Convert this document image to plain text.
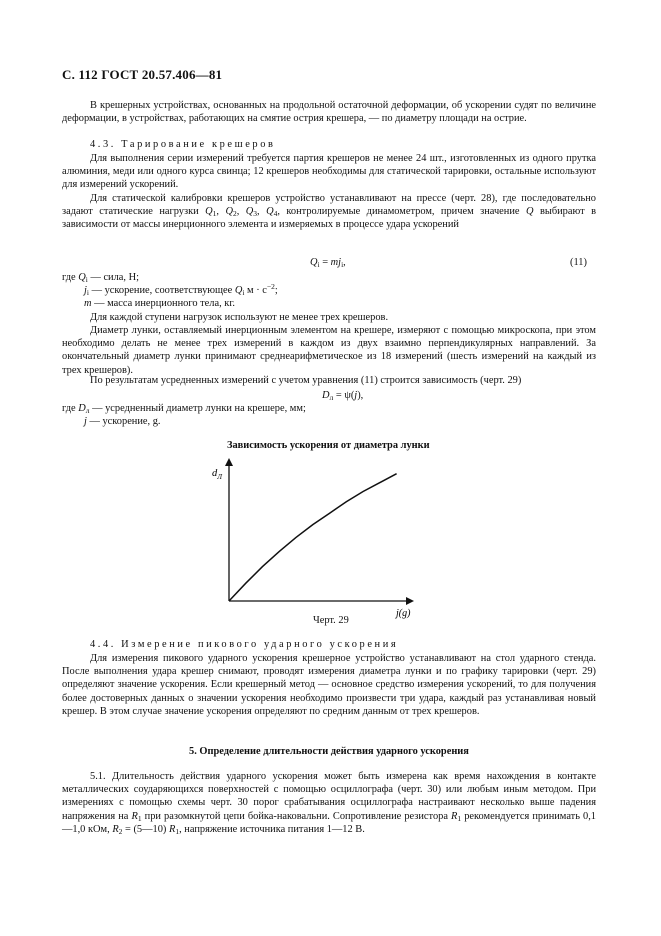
С. 112 ГОСТ 20.57.406—81
В крешерных устройствах, основанных на продольной остаточной деформации, об ускорении судят по величине деформации, в устройствах, работающих на смятие острия крешера, — по диаметру площади на острие.
4.3. Тарирование крешеров
Для выполнения серии измерений требуется партия крешеров не менее 24 шт., изготовленных из одного прутка алюминия, меди или одного курса свинца; 12 крешеров необходимы для статической тарировки, остальные используют для измерений ускорений.
Для статической калибровки крешеров устройство устанавливают на прессе (черт. 28), где последовательно задают статические нагрузки $Q_1$, $Q_2$, $Q_3$, $Q_4$, контролируемые динамометром, причем значение Q выбирают в зависимости от массы инерционного элемента и измеряемых в процессе удара ускорений
$Q_i = mj_i$,	(11)
где $Q_i$ — сила, Н;
$j_i$ — ускорение, соответствующее $Q_i$ $м \cdot с^{-2}$;
m — масса инерционного тела, кг.
Для каждой ступени нагрузок используют не менее трех крешеров.
Диаметр лунки, оставляемый инерционным элементом на крешере, измеряют с помощью микроскопа, при этом необходимо делать не менее трех измерений в каждом из двух взаимно перпендикулярных направлений. За окончательный диаметр лунки принимают среднеарифметическое из 18 измерений (шесть измерений на каждый из трех крешеров).
По результатам усредненных измерений с учетом уравнения (11) строится зависимость (черт. 29)
$D_л = \psi(j)$,
где $D_л$ — усредненный диаметр лунки на крешере, мм;
j — ускорение, g.
Зависимость ускорения от диаметра лунки
$d_Л$
j(g)
Черт. 29
4.4. Измерение пикового ударного ускорения
Для измерения пикового ударного ускорения крешерное устройство устанавливают на стол ударного стенда. После выполнения удара крешер снимают, проводят измерения диаметра лунки и по графику тарировки (черт. 29) определяют значение ускорения. Если крешерный метод — основное средство измерения ускорений, то для получения более достоверных данных о значении ускорения необходимо произвести три удара, каждый раз устанавливая новый крешер. В этом случае значение ускорения определяют по средним данным от трех крешеров.
5. Определение длительности действия ударного ускорения
5.1. Длительность действия ударного ускорения может быть измерена как время нахождения в контакте металлических соударяющихся поверхностей с помощью осциллографа (черт. 30) или любым иным методом. При измерениях с помощью схемы черт. 30 порог срабатывания осциллографа настраивают несколько выше падения напряжения на $R_1$ при разомкнутой цепи бойка-наковальни. Сопротивление резистора $R_1$ рекомендуется принимать 0,1—1,0 кОм, $R_2$ = (5—10) $R_1$, напряжение источника питания 1—12 В.
